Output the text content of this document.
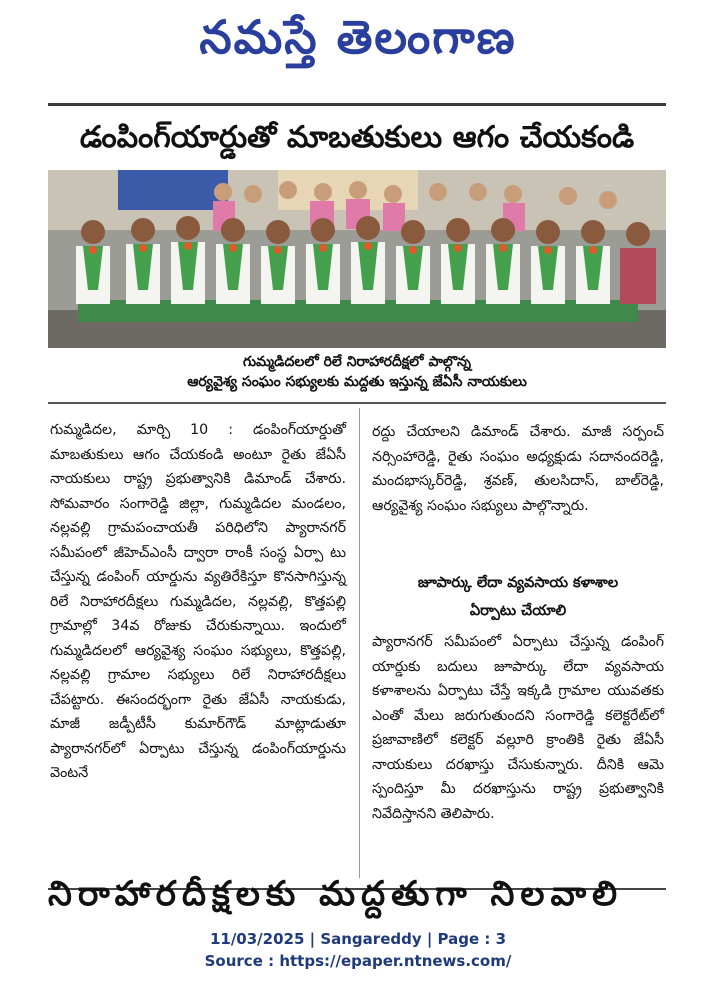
నమస్తే తెలంగాణ
డంపింగ్‌యార్డుతో మాబతుకులు ఆగం చేయకండి
గుమ్మడిదలలో రిలే నిరాహారదీక్షలో పాల్గొన్న
ఆర్యవైశ్య సంఘం సభ్యులకు మద్దతు ఇస్తున్న జేఏసీ నాయకులు
గుమ్మడిదల, మార్చి 10 : డంపింగ్‌యార్డుతో మాబతుకులు ఆగం చేయకండి అంటూ రైతు జేఏసీ నాయకులు రాష్ట్ర ప్రభుత్వానికి డిమాండ్ చేశారు. సోమవారం సంగారెడ్డి జిల్లా, గుమ్మడిదల మండలం, నల్లవల్లి గ్రామపంచాయతీ పరిధిలోని ప్యారానగర్ సమీపంలో జీహెచ్‌ఎంసీ ద్వారా రాంకీ సంస్థ ఏర్పా టు చేస్తున్న డంపింగ్ యార్డును వ్యతిరేకిస్తూ కొనసాగిస్తున్న రిలే నిరాహారదీక్షలు గుమ్మడిదల, నల్లవల్లి, కొత్తపల్లి గ్రామాల్లో 34వ రోజుకు చేరుకున్నాయి. ఇందులో గుమ్మడిదలలో ఆర్యవైశ్య సంఘం సభ్యులు, కొత్తపల్లి, నల్లవల్లి గ్రామాల సభ్యులు రిలే నిరాహారదీక్షలు చేపట్టారు. ఈసందర్భంగా రైతు జేఏసీ నాయకుడు, మాజీ జడ్పీటీసీ కుమార్‌గౌడ్ మాట్లాడుతూ ప్యారానగర్‌లో ఏర్పాటు చేస్తున్న డంపింగ్‌యార్డును వెంటనే
రద్దు చేయాలని డిమాండ్ చేశారు. మాజీ సర్పంచ్ నర్సింహారెడ్డి, రైతు సంఘం అధ్యక్షుడు సదానందరెడ్డి, మందభాస్కర్‌రెడ్డి, శ్రవణ్, తులసిదాస్, బాల్‌రెడ్డి, ఆర్యవైశ్య సంఘం సభ్యులు పాల్గొన్నారు.
జూపార్కు లేదా వ్యవసాయ కళాశాల
ఏర్పాటు చేయాలి
ప్యారానగర్ సమీపంలో ఏర్పాటు చేస్తున్న డంపింగ్ యార్డుకు బదులు జూపార్కు లేదా వ్యవసాయ కళాశాలను ఏర్పాటు చేస్తే ఇక్కడి గ్రామాల యువతకు ఎంతో మేలు జరుగుతుందని సంగారెడ్డి కలెక్టరేట్‌లో ప్రజావాణిలో కలెక్టర్ వల్లూరి క్రాంతికి రైతు జేఏసీ నాయకులు దరఖాస్తు చేసుకున్నారు. దీనికి ఆమె స్పందిస్తూ మీ దరఖాస్తును రాష్ట్ర ప్రభుత్వానికి నివేదిస్తానని తెలిపారు.
నిరాహారదీక్షలకు మద్దతుగా నిలవాలి
11/03/2025 | Sangareddy | Page : 3
Source : https://epaper.ntnews.com/
